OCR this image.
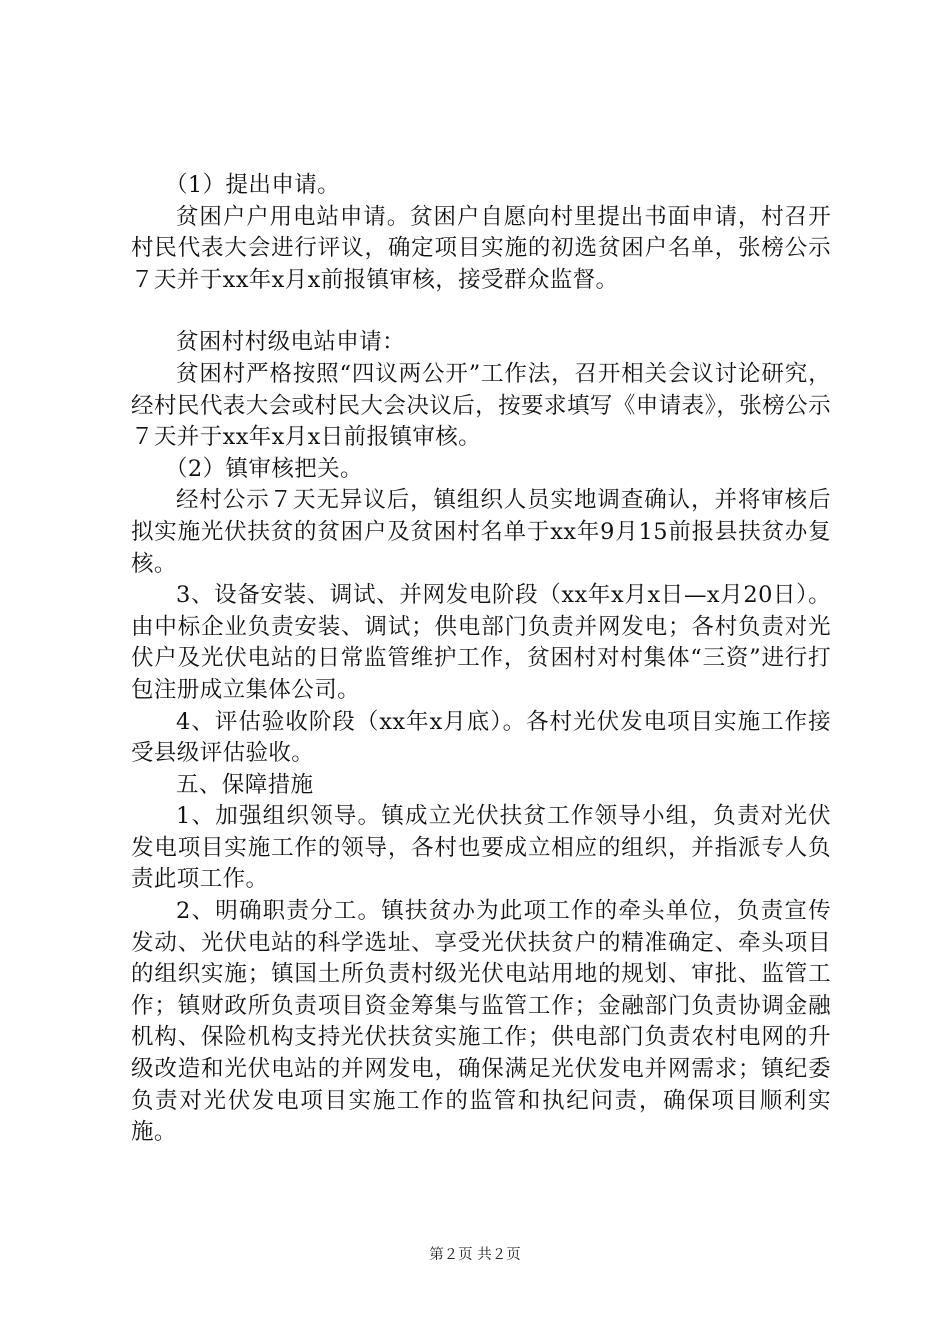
（1）提出申请。

贫困户户用电站申请。贫困户自愿向村里提出书面申请，村召开村民代表大会进行评议，确定项目实施的初选贫困户名单，张榜公示７天并于xx年x月x前报镇审核，接受群众监督。

贫困村村级电站申请：

贫困村严格按照“四议两公开”工作法，召开相关会议讨论研究，经村民代表大会或村民大会决议后，按要求填写《申请表》，张榜公示７天并于xx年x月x日前报镇审核。

（2）镇审核把关。

经村公示７天无异议后，镇组织人员实地调查确认，并将审核后拟实施光伏扶贫的贫困户及贫困村名单于xx年9月15前报县扶贫办复核。

3、设备安装、调试、并网发电阶段（xx年x月x日—x月20日）。由中标企业负责安装、调试；供电部门负责并网发电；各村负责对光伏户及光伏电站的日常监管维护工作，贫困村对村集体“三资”进行打包注册成立集体公司。

4、评估验收阶段（xx年x月底）。各村光伏发电项目实施工作接受县级评估验收。

五、保障措施

1、加强组织领导。镇成立光伏扶贫工作领导小组，负责对光伏发电项目实施工作的领导，各村也要成立相应的组织，并指派专人负责此项工作。

2、明确职责分工。镇扶贫办为此项工作的牵头单位，负责宣传发动、光伏电站的科学选址、享受光伏扶贫户的精准确定、牵头项目的组织实施；镇国土所负责村级光伏电站用地的规划、审批、监管工作；镇财政所负责项目资金筹集与监管工作；金融部门负责协调金融机构、保险机构支持光伏扶贫实施工作；供电部门负责农村电网的升级改造和光伏电站的并网发电，确保满足光伏发电并网需求；镇纪委负责对光伏发电项目实施工作的监管和执纪问责，确保项目顺利实施。

第２页 共２页
